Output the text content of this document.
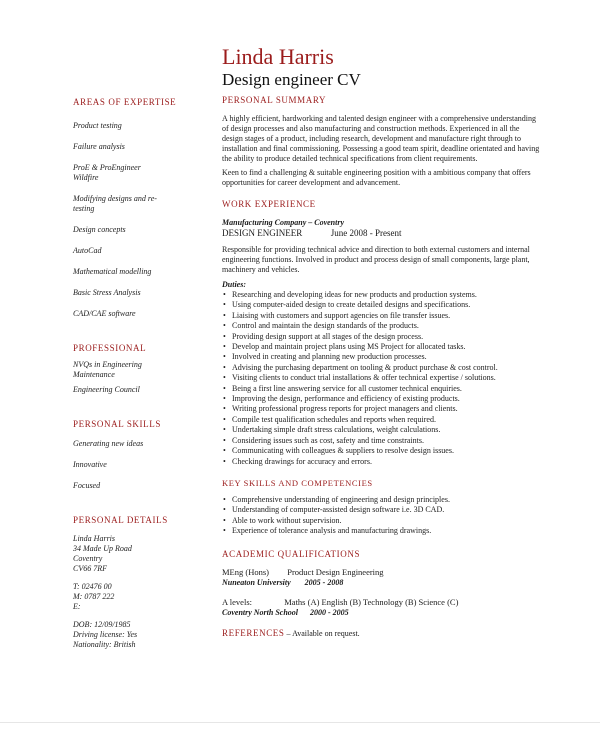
Linda Harris
Design engineer CV
AREAS OF EXPERTISE
Product testing
Failure analysis
ProE & ProEngineer Wildfire
Modifying designs and re-testing
Design concepts
AutoCad
Mathematical modelling
Basic Stress Analysis
CAD/CAE software
PROFESSIONAL
NVQs in Engineering Maintenance
Engineering Council
PERSONAL SKILLS
Generating new ideas
Innovative
Focused
PERSONAL DETAILS
Linda Harris
34 Made Up Road
Coventry
CV66 7RF
T: 02476 00
M: 0787 222
E:
DOB: 12/09/1985
Driving license: Yes
Nationality: British
PERSONAL SUMMARY

A highly efficient, hardworking and talented design engineer with a comprehensive understanding of design processes and also manufacturing and construction methods. Experienced in all the design stages of a product, including research, development and manufacture right through to installation and final commissioning. Possessing a good team spirit, deadline orientated and having the ability to produce detailed technical specifications from client requirements.

Keen to find a challenging & suitable engineering position with a ambitious company that offers opportunities for career development and advancement.

WORK EXPERIENCE

Manufacturing Company – Coventry

DESIGN ENGINEER	June 2008 - Present

Responsible for providing technical advice and direction to both external customers and internal engineering functions. Involved in product and process design of small components, large plant, machinery and vehicles.

Duties:

• Researching and developing ideas for new products and production systems.
• Using computer-aided design to create detailed designs and specifications.
• Liaising with customers and support agencies on file transfer issues.
• Control and maintain the design standards of the products.
• Providing design support at all stages of the design process.
• Develop and maintain project plans using MS Project for allocated tasks.
• Involved in creating and planning new production processes.
• Advising the purchasing department on tooling & product purchase & cost control.
• Visiting clients to conduct trial installations & offer technical expertise / solutions.
• Being a first line answering service for all customer technical enquiries.
• Improving the design, performance and efficiency of existing products.
• Writing professional progress reports for project managers and clients.
• Compile test qualification schedules and reports when required.
• Undertaking simple draft stress calculations, weight calculations.
• Considering issues such as cost, safety and time constraints.
• Communicating with colleagues & suppliers to resolve design issues.
• Checking drawings for accuracy and errors.
KEY SKILLS AND COMPETENCIES
• Comprehensive understanding of engineering and design principles.
• Understanding of computer-assisted design software i.e. 3D CAD.
• Able to work without supervision.
• Experience of tolerance analysis and manufacturing drawings.
ACADEMIC QUALIFICATIONS

MEng (Hons) Product Design Engineering

Nuneaton University 2005 - 2008

A levels:	Maths (A) English (B) Technology (B) Science (C)

Coventry North School 2000 - 2005

REFERENCES – Available on request.
